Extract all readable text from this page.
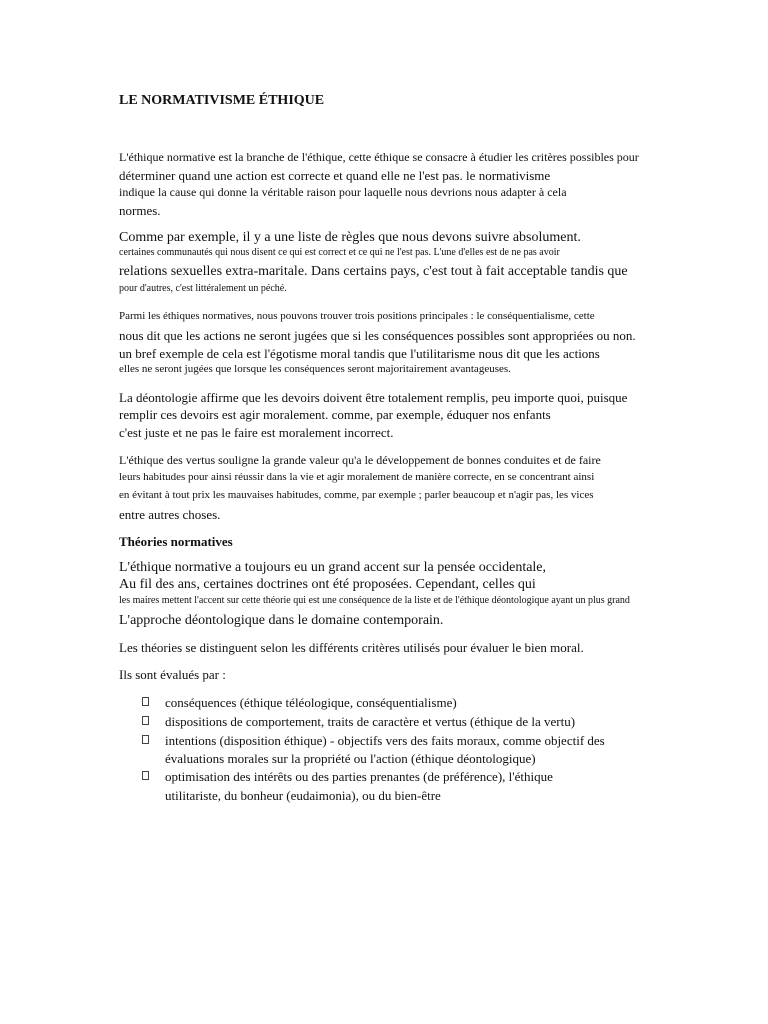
LE NORMATIVISME ÉTHIQUE

L'éthique normative est la branche de l'éthique, cette éthique se consacre à étudier les critères possibles pour

déterminer quand une action est correcte et quand elle ne l'est pas. le normativisme

indique la cause qui donne la véritable raison pour laquelle nous devrions nous adapter à cela

normes.

Comme par exemple, il y a une liste de règles que nous devons suivre absolument.

certaines communautés qui nous disent ce qui est correct et ce qui ne l'est pas. L'une d'elles est de ne pas avoir

relations sexuelles extra-maritale. Dans certains pays, c'est tout à fait acceptable tandis que

pour d'autres, c'est littéralement un péché.

Parmi les éthiques normatives, nous pouvons trouver trois positions principales : le conséquentialisme, cette

nous dit que les actions ne seront jugées que si les conséquences possibles sont appropriées ou non.

un bref exemple de cela est l'égotisme moral tandis que l'utilitarisme nous dit que les actions

elles ne seront jugées que lorsque les conséquences seront majoritairement avantageuses.

La déontologie affirme que les devoirs doivent être totalement remplis, peu importe quoi, puisque

remplir ces devoirs est agir moralement. comme, par exemple, éduquer nos enfants

c'est juste et ne pas le faire est moralement incorrect.

L'éthique des vertus souligne la grande valeur qu'a le développement de bonnes conduites et de faire

leurs habitudes pour ainsi réussir dans la vie et agir moralement de manière correcte, en se concentrant ainsi

en évitant à tout prix les mauvaises habitudes, comme, par exemple ; parler beaucoup et n'agir pas, les vices

entre autres choses.

Théories normatives

L'éthique normative a toujours eu un grand accent sur la pensée occidentale,

Au fil des ans, certaines doctrines ont été proposées. Cependant, celles qui

les maires mettent l'accent sur cette théorie qui est une conséquence de la liste et de l'éthique déontologique ayant un plus grand

L'approche déontologique dans le domaine contemporain.

Les théories se distinguent selon les différents critères utilisés pour évaluer le bien moral.

Ils sont évalués par :

conséquences (éthique téléologique, conséquentialisme)

dispositions de comportement, traits de caractère et vertus (éthique de la vertu)

intentions (disposition éthique) - objectifs vers des faits moraux, comme objectif des

évaluations morales sur la propriété ou l'action (éthique déontologique)

optimisation des intérêts ou des parties prenantes (de préférence), l'éthique

utilitariste, du bonheur (eudaimonia), ou du bien-être
